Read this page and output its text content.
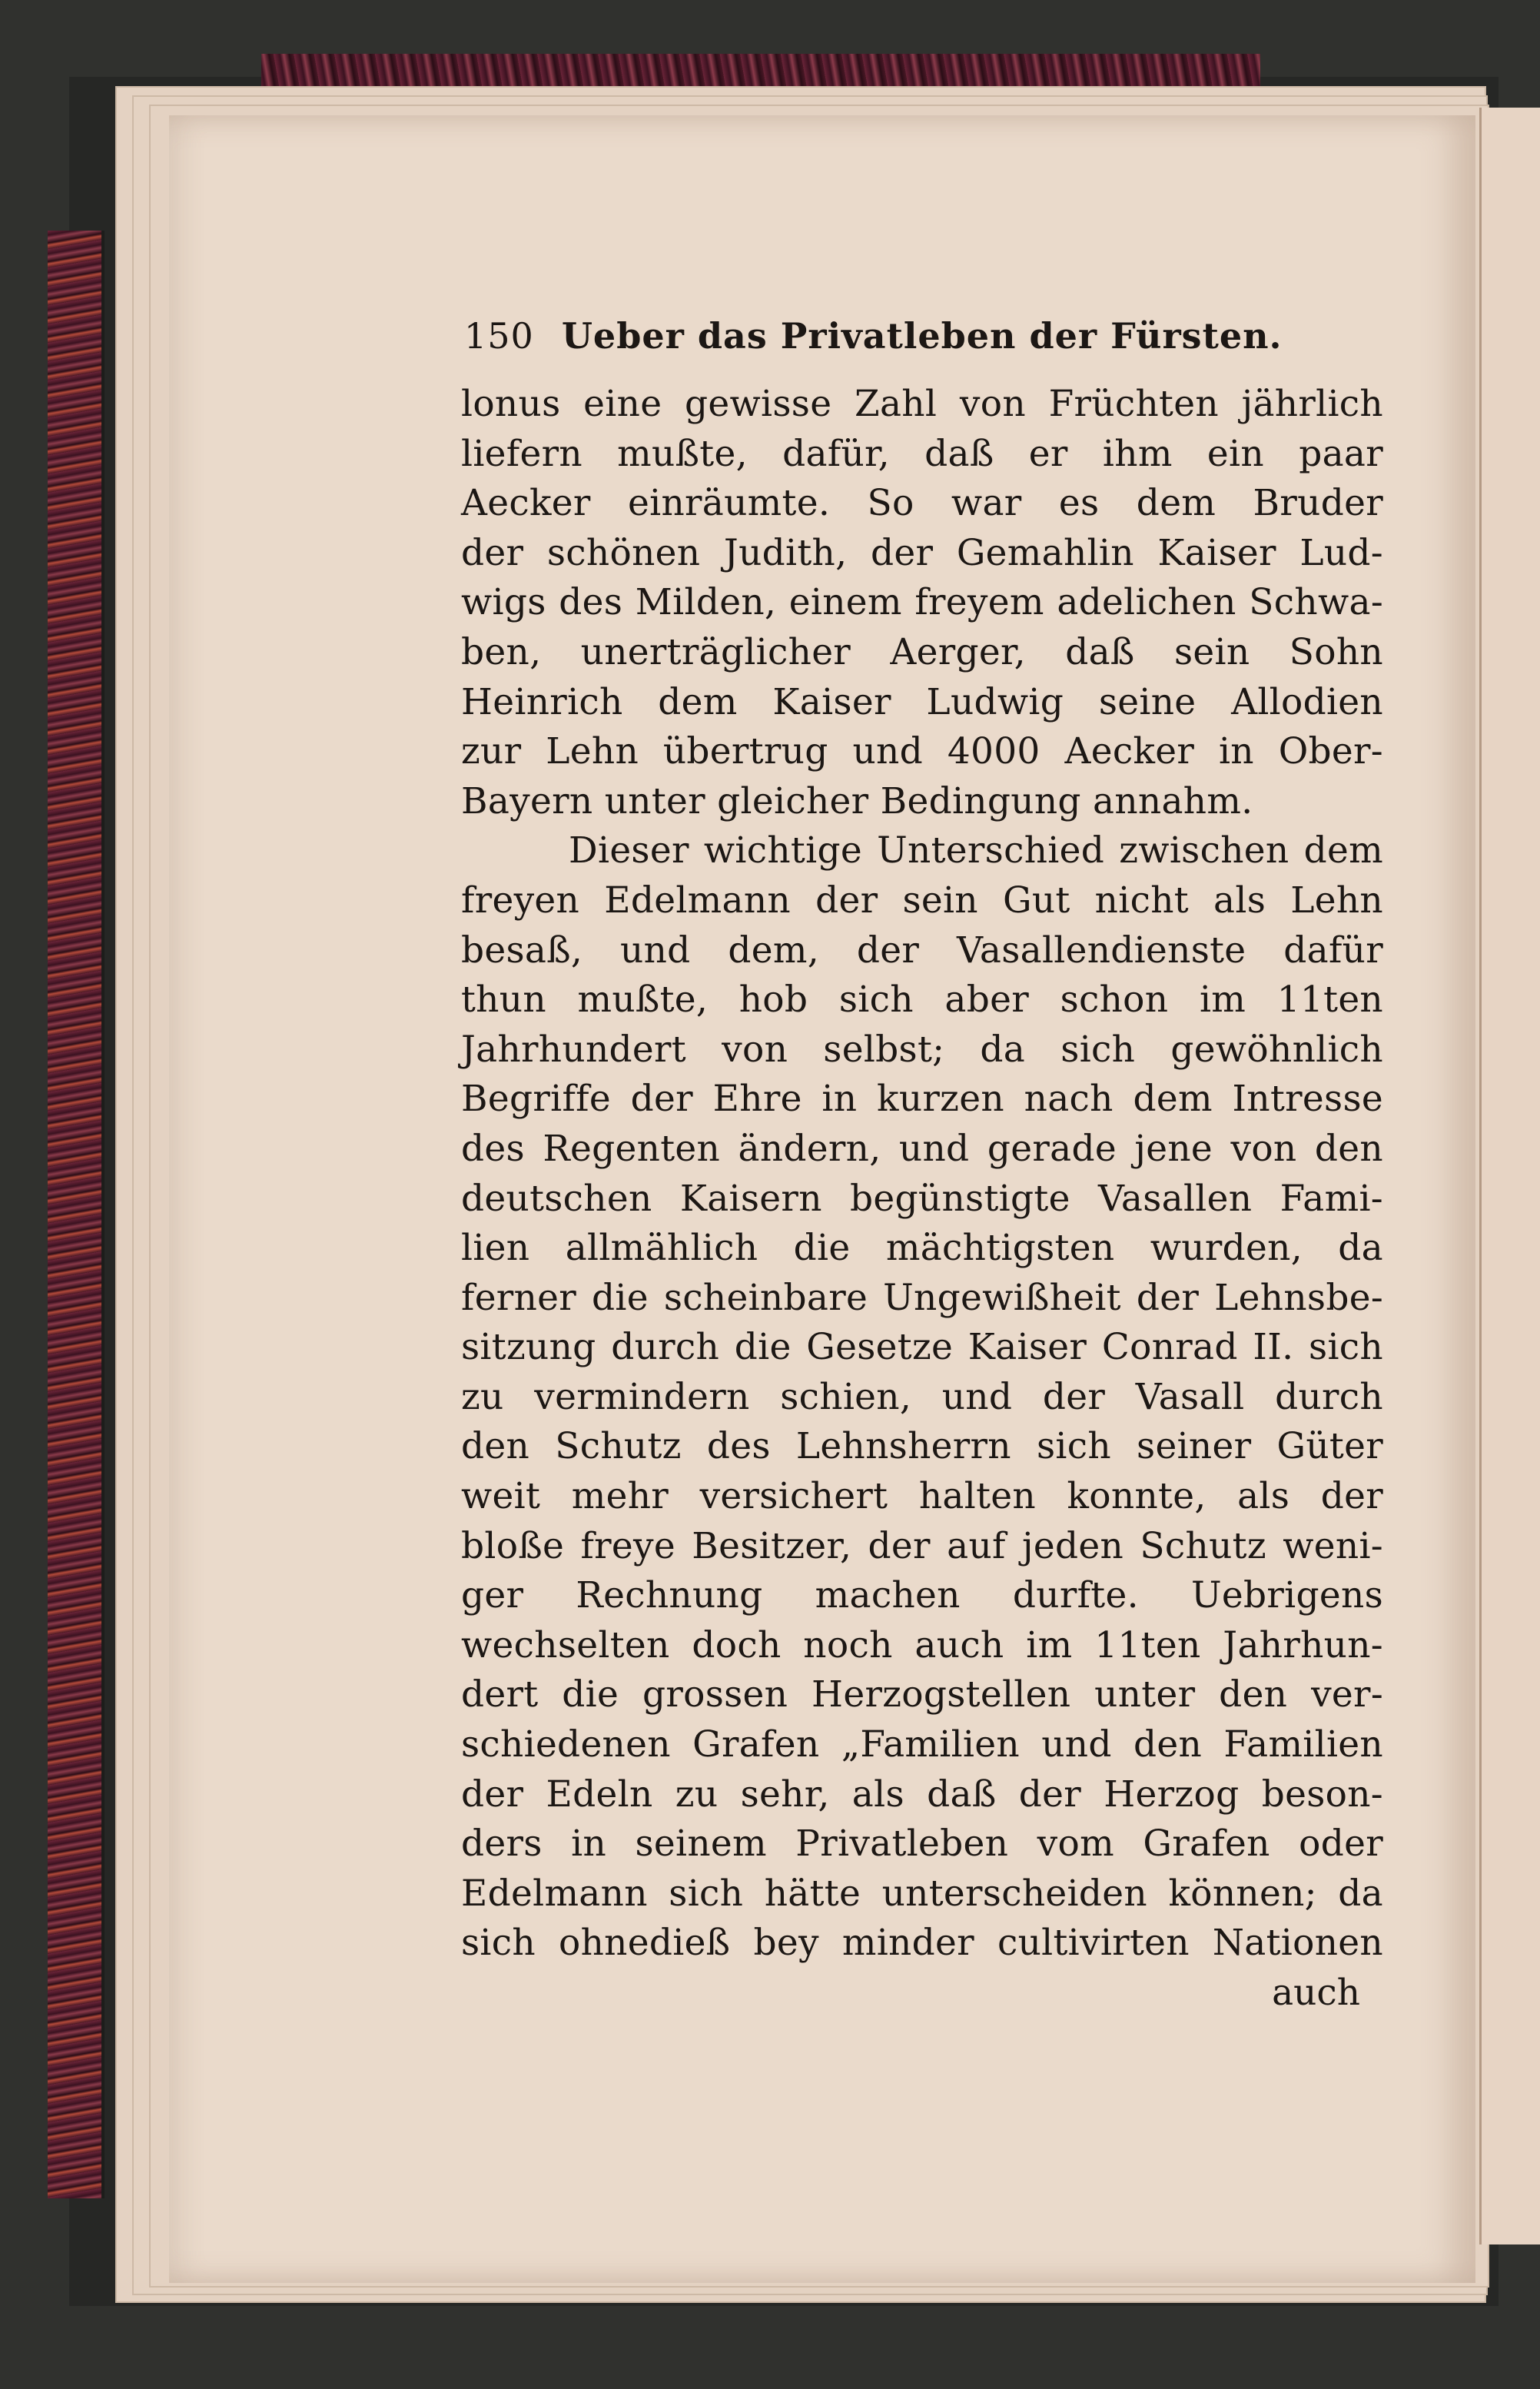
150 Ueber das Privatleben der Fürsten.
lonus eine gewisse Zahl von Früchten jährlich
liefern mußte, dafür, daß er ihm ein paar
Aecker einräumte. So war es dem Bruder
der schönen Judith, der Gemahlin Kaiser Lud-
wigs des Milden, einem freyem adelichen Schwa-
ben, unerträglicher Aerger, daß sein Sohn
Heinrich dem Kaiser Ludwig seine Allodien
zur Lehn übertrug und 4000 Aecker in Ober-
Bayern unter gleicher Bedingung annahm.
Dieser wichtige Unterschied zwischen dem
freyen Edelmann der sein Gut nicht als Lehn
besaß, und dem, der Vasallendienste dafür
thun mußte, hob sich aber schon im 11ten
Jahrhundert von selbst; da sich gewöhnlich
Begriffe der Ehre in kurzen nach dem Intresse
des Regenten ändern, und gerade jene von den
deutschen Kaisern begünstigte Vasallen Fami-
lien allmählich die mächtigsten wurden, da
ferner die scheinbare Ungewißheit der Lehnsbe-
sitzung durch die Gesetze Kaiser Conrad II. sich
zu vermindern schien, und der Vasall durch
den Schutz des Lehnsherrn sich seiner Güter
weit mehr versichert halten konnte, als der
bloße freye Besitzer, der auf jeden Schutz weni-
ger Rechnung machen durfte. Uebrigens
wechselten doch noch auch im 11ten Jahrhun-
dert die grossen Herzogstellen unter den ver-
schiedenen Grafen „Familien und den Familien
der Edeln zu sehr, als daß der Herzog beson-
ders in seinem Privatleben vom Grafen oder
Edelmann sich hätte unterscheiden können; da
sich ohnedieß bey minder cultivirten Nationen
auch
